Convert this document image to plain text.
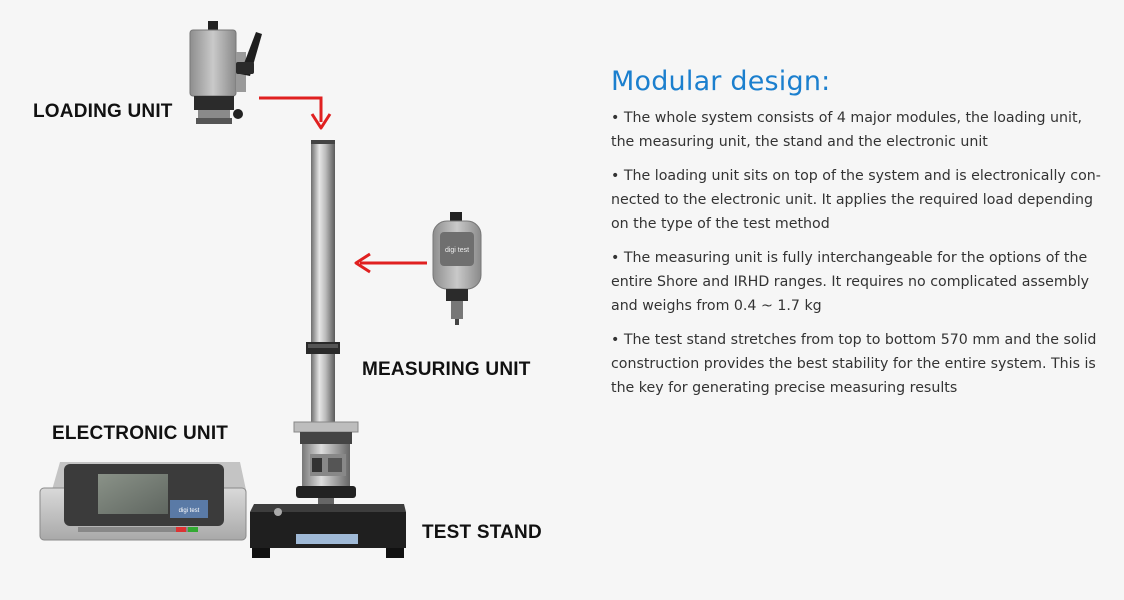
digi test
digi test
LOADING UNIT
MEASURING UNIT
ELECTRONIC UNIT
TEST STAND
Modular design:

• The whole system consists of 4 major modules, the loading unit, the measuring unit, the stand and the electronic unit

• The loading unit sits on top of the system and is electronically con-nected to the electronic unit. It applies the required load depending on the type of the test method

• The measuring unit is fully interchangeable for the options of the entire Shore and IRHD ranges. It requires no complicated assembly and weighs from 0.4 ~ 1.7 kg

• The test stand stretches from top to bottom 570 mm and the solid construction provides the best stability for the entire system. This is the key for generating precise measuring results
